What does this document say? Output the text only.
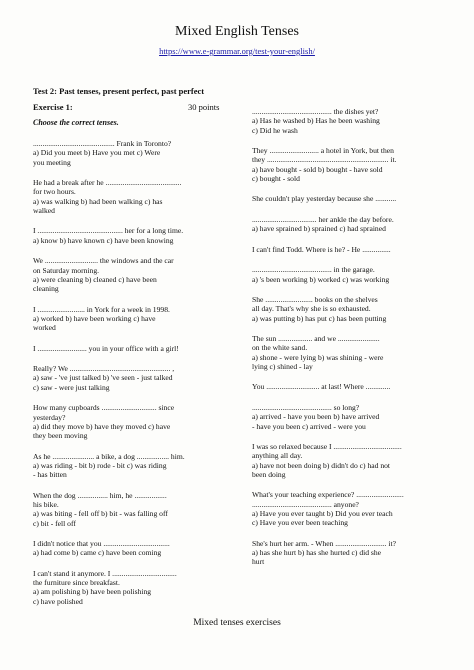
Mixed English Tenses
https://www.e-grammar.org/test-your-english/
Test 2: Past tenses, present perfect, past perfect
Exercise 1:	30 points
Choose the correct tenses.
........................................... Frank in Toronto?
a) Did you meet b) Have you met c) Were
you meeting
He had a break after he ........................................
for two hours.
a) was walking b) had been walking c) has
walked
I ............................................. her for a long time.
a) know b) have known c) have been knowing
We ............................ the windows and the car
on Saturday morning.
a) were cleaning b) cleaned c) have been
cleaning
I ......................... in York for a week in 1998.
a) worked b) have been working c) have
worked
I .......................... you in your office with a girl!
Really? We ..................................................... ,
a) saw - 've just talked b) 've seen - just talked
c) saw - were just talking
How many cupboards ............................. since
yesterday?
a) did they move b) have they moved c) have
they been moving
As he ...................... a bike, a dog ................. him.
a) was riding - bit b) rode - bit c) was riding
- has bitten
When the dog ................ him, he .................
his bike.
a) was biting - fell off b) bit - was falling off
c) bit - fell off
I didn't notice that you ...................................
a) had come b) came c) have been coming
I can't stand it anymore. I ..................................
the furniture since breakfast.
a) am polishing b) have been polishing
c) have polished
.......................................... the dishes yet?
a) Has he washed b) Has he been washing
c) Did he wash
They .......................... a hotel in York, but then
they ................................................................ it.
a) have bought - sold b) bought - have sold
c) bought - sold
She couldn't play yesterday because she ...........
.................................. her ankle the day before.
a) have sprained b) sprained c) had sprained
I can't find Todd. Where is he? - He ...............
.......................................... in the garage.
a) 's been working b) worked c) was working
She ......................... books on the shelves
all day. That's why she is so exhausted.
a) was putting b) has put c) has been putting
The sun .................. and we ......................
on the white sand.
a) shone - were lying b) was shining - were
lying c) shined - lay
You ............................ at last! Where .............
.......................................... so long?
a) arrived - have you been b) have arrived
- have you been c) arrived - were you
I was so relaxed because I ....................................
anything all day.
a) have not been doing b) didn't do c) had not
been doing
What's your teaching experience? .........................
.......................................... anyone?
a) Have you ever taught b) Did you ever teach
c) Have you ever been teaching
She's hurt her arm. - When ........................... it?
a) has she hurt b) has she hurted c) did she
hurt
Mixed tenses exercises
